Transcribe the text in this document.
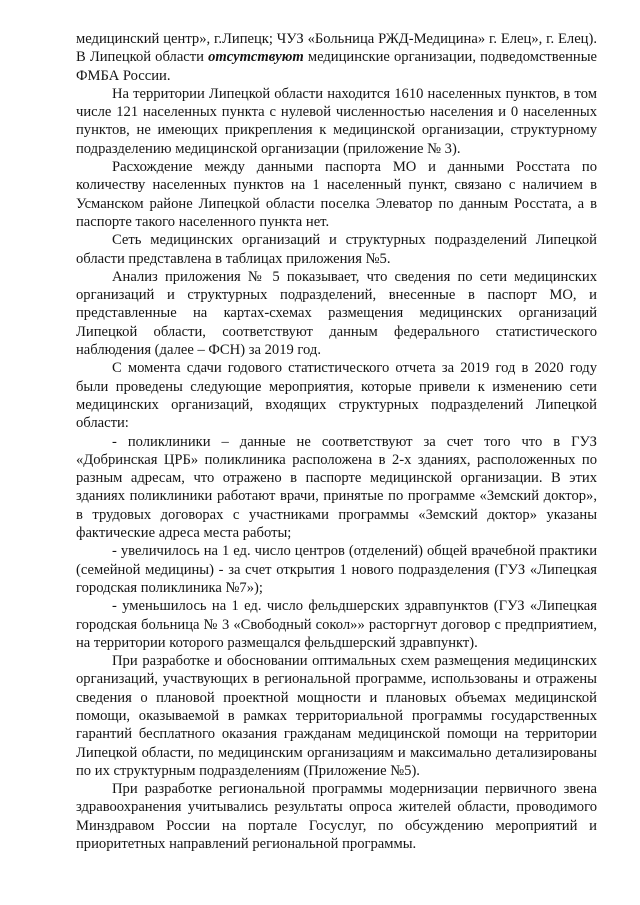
медицинский центр», г.Липецк; ЧУЗ «Больница РЖД-Медицина» г. Елец», г. Елец). В Липецкой области отсутствуют медицинские организации, подведомственные ФМБА России.

На территории Липецкой области находится 1610 населенных пунктов, в том числе 121 населенных пункта с нулевой численностью населения и 0 населенных пунктов, не имеющих прикрепления к медицинской организации, структурному подразделению медицинской организации (приложение № 3).

Расхождение между данными паспорта МО и данными Росстата по количеству населенных пунктов на 1 населенный пункт, связано с наличием в Усманском районе Липецкой области поселка Элеватор по данным Росстата, а в паспорте такого населенного пункта нет.

Сеть медицинских организаций и структурных подразделений Липецкой области представлена в таблицах приложения №5.

Анализ приложения № 5 показывает, что сведения по сети медицинских организаций и структурных подразделений, внесенные в паспорт МО, и представленные на картах-схемах размещения медицинских организаций Липецкой области, соответствуют данным федерального статистического наблюдения (далее – ФСН) за 2019 год.

С момента сдачи годового статистического отчета за 2019 год в 2020 году были проведены следующие мероприятия, которые привели к изменению сети медицинских организаций, входящих структурных подразделений Липецкой области:

- поликлиники – данные не соответствуют за счет того что в ГУЗ «Добринская ЦРБ» поликлиника расположена в 2-х зданиях, расположенных по разным адресам, что отражено в паспорте медицинской организации. В этих зданиях поликлиники работают врачи, принятые по программе «Земский доктор», в трудовых договорах с участниками программы «Земский доктор» указаны фактические адреса места работы;

- увеличилось на 1 ед. число центров (отделений) общей врачебной практики (семейной медицины) - за счет открытия 1 нового подразделения (ГУЗ «Липецкая городская поликлиника №7»);

- уменьшилось на 1 ед. число фельдшерских здравпунктов (ГУЗ «Липецкая городская больница № 3 «Свободный сокол»» расторгнут договор с предприятием, на территории которого размещался фельдшерский здравпункт).

При разработке и обосновании оптимальных схем размещения медицинских организаций, участвующих в региональной программе, использованы и отражены сведения о плановой проектной мощности и плановых объемах медицинской помощи, оказываемой в рамках территориальной программы государственных гарантий бесплатного оказания гражданам медицинской помощи на территории Липецкой области, по медицинским организациям и максимально детализированы по их структурным подразделениям (Приложение №5).

При разработке региональной программы модернизации первичного звена здравоохранения учитывались результаты опроса жителей области, проводимого Минздравом России на портале Госуслуг, по обсуждению мероприятий и приоритетных направлений региональной программы.
